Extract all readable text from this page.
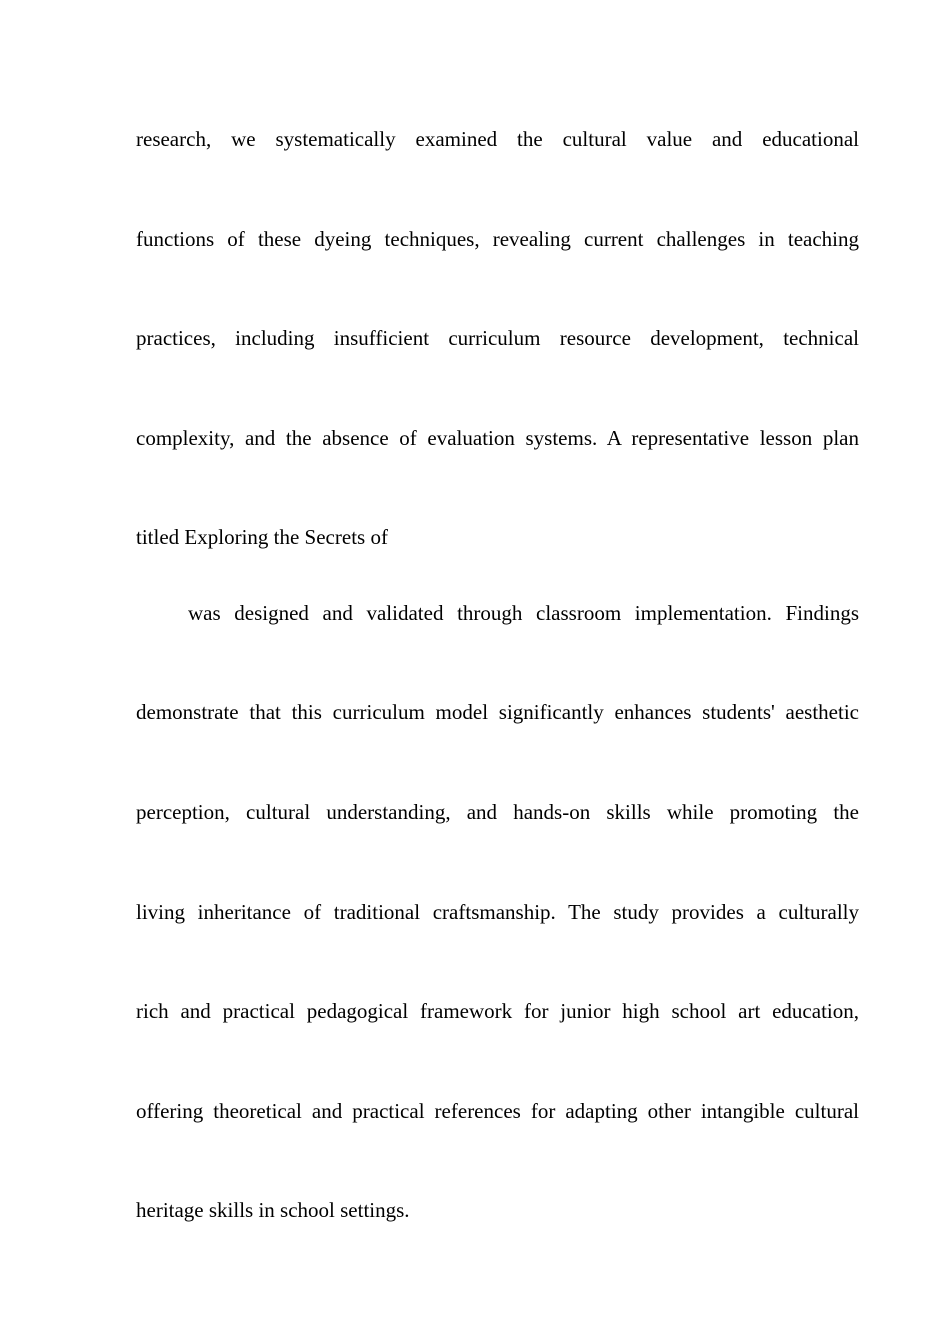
research, we systematically examined the cultural value and educational
functions of these dyeing techniques, revealing current challenges in teaching
practices, including insufficient curriculum resource development, technical
complexity, and the absence of evaluation systems. A representative lesson plan
titled Exploring the Secrets of
was designed and validated through classroom implementation. Findings
demonstrate that this curriculum model significantly enhances students' aesthetic
perception, cultural understanding, and hands-on skills while promoting the
living inheritance of traditional craftsmanship. The study provides a culturally
rich and practical pedagogical framework for junior high school art education,
offering theoretical and practical references for adapting other intangible cultural
heritage skills in school settings.
